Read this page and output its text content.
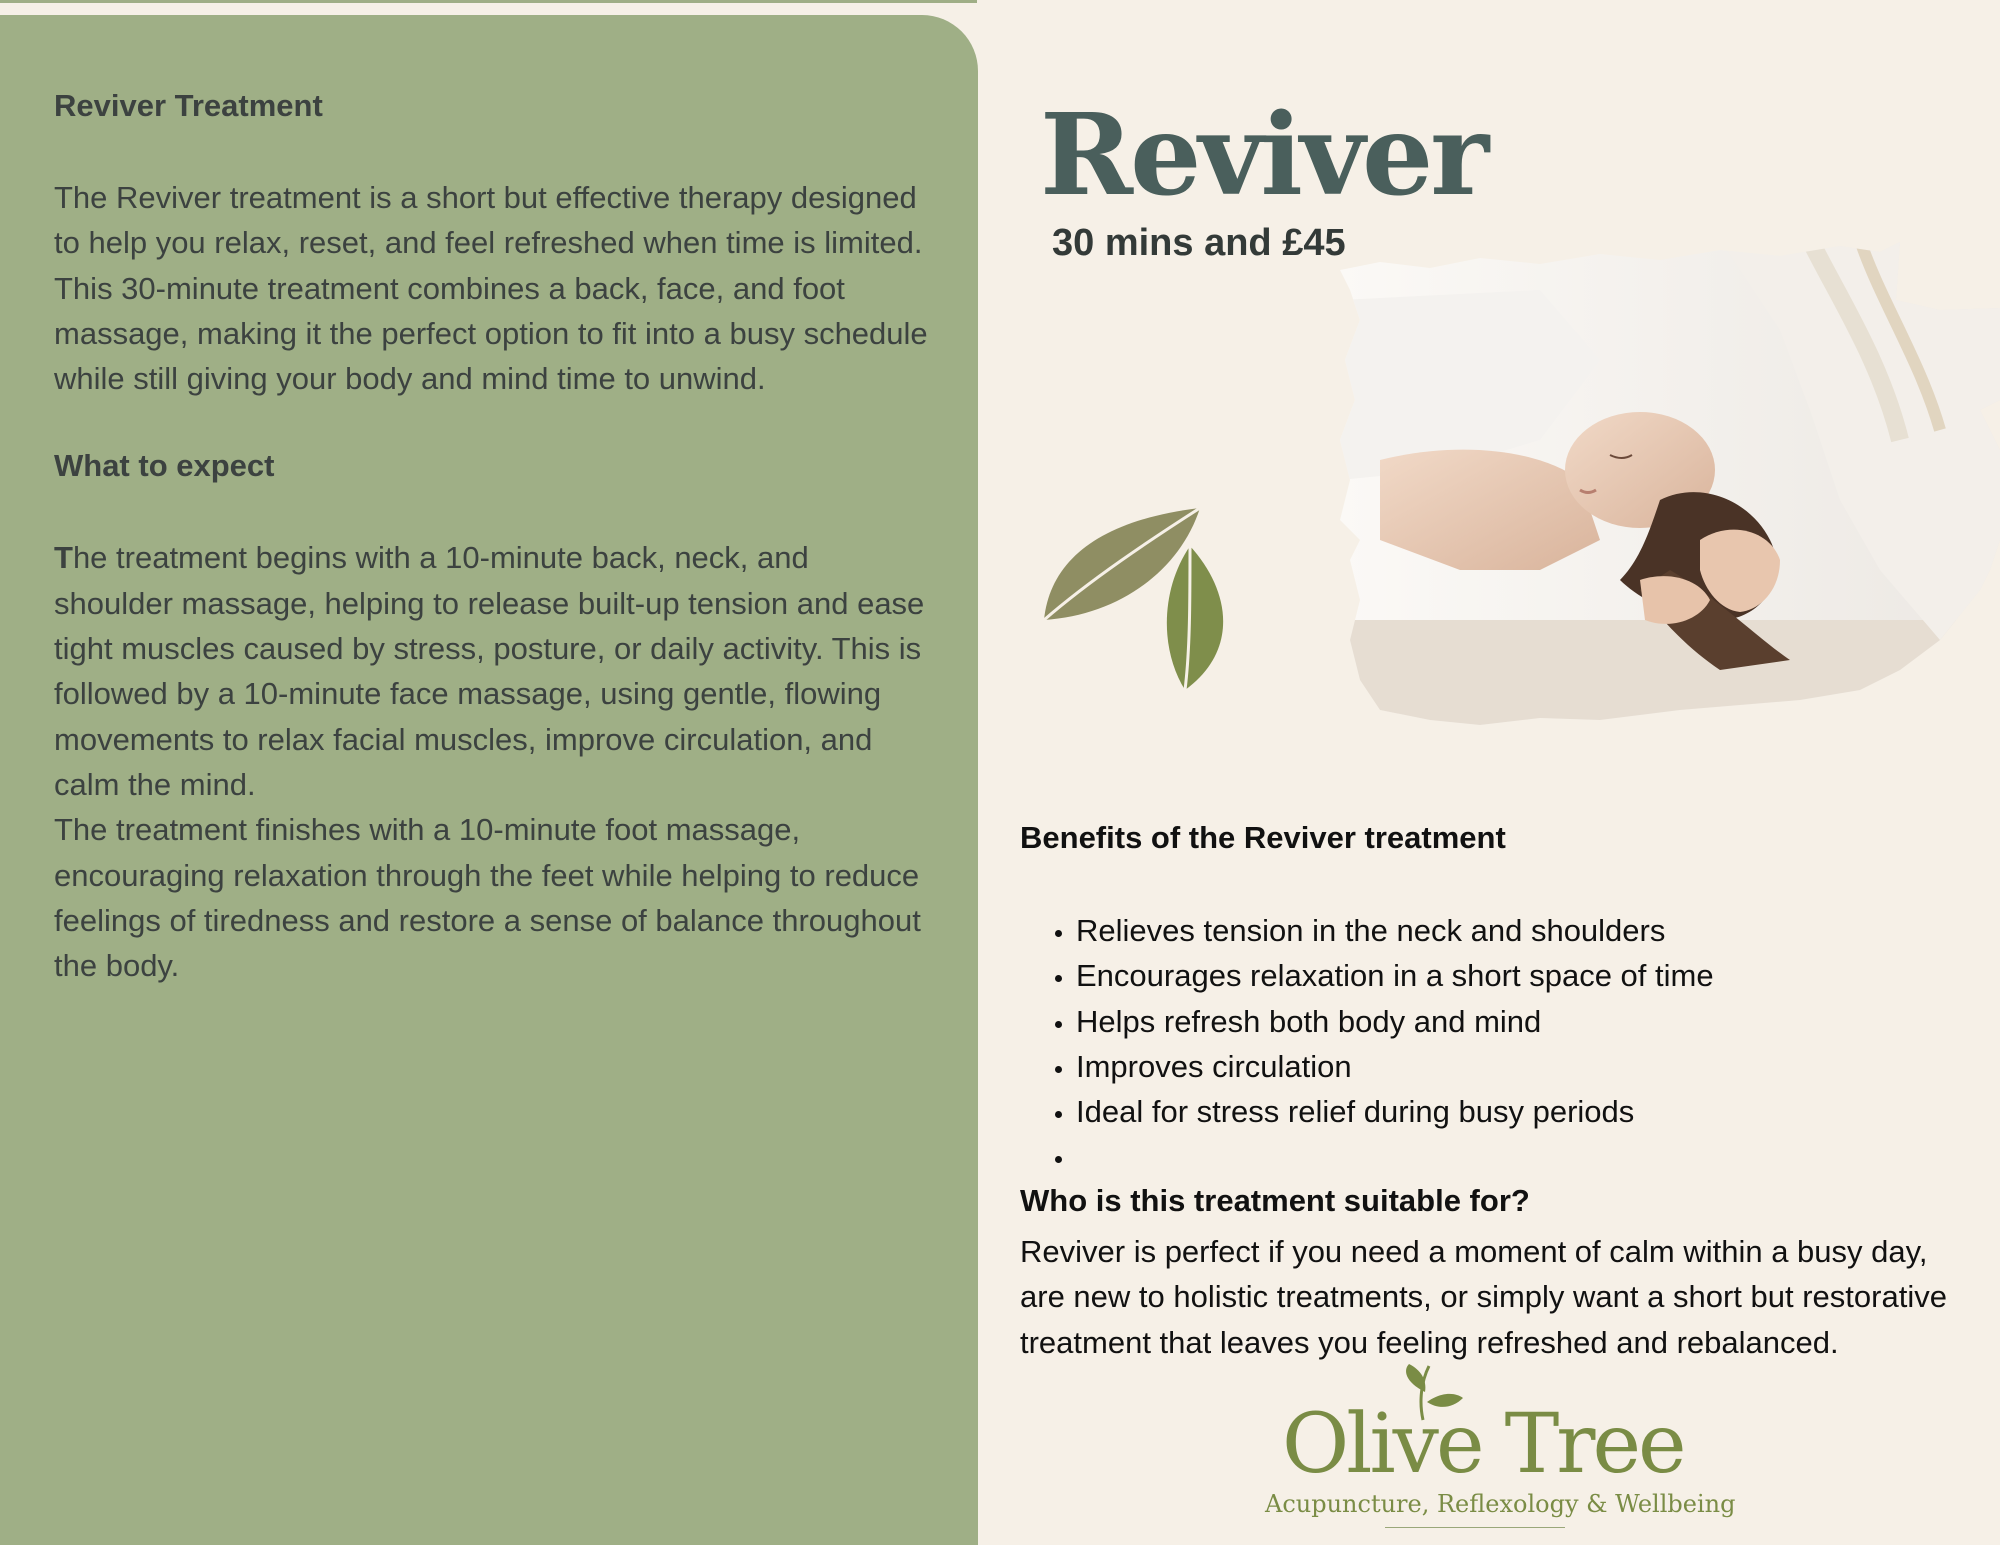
Reviver Treatment

The Reviver treatment is a short but effective therapy designed to help you relax, reset, and feel refreshed when time is limited. This 30-minute treatment combines a back, face, and foot massage, making it the perfect option to fit into a busy schedule while still giving your body and mind time to unwind.

What to expect

The treatment begins with a 10-minute back, neck, and shoulder massage, helping to release built-up tension and ease tight muscles caused by stress, posture, or daily activity. This is followed by a 10-minute face massage, using gentle, flowing movements to relax facial muscles, improve circulation, and calm the mind.

The treatment finishes with a 10-minute foot massage, encouraging relaxation through the feet while helping to reduce feelings of tiredness and restore a sense of balance throughout the body.

Reviver

30 mins and £45

Benefits of the Reviver treatment
• Relieves tension in the neck and shoulders
• Encourages relaxation in a short space of time
• Helps refresh both body and mind
• Improves circulation
• Ideal for stress relief during busy periods
•
Who is this treatment suitable for?

Reviver is perfect if you need a moment of calm within a busy day, are new to holistic treatments, or simply want a short but restorative treatment that leaves you feeling refreshed and rebalanced.

Olive Tree

Acupuncture, Reflexology & Wellbeing
